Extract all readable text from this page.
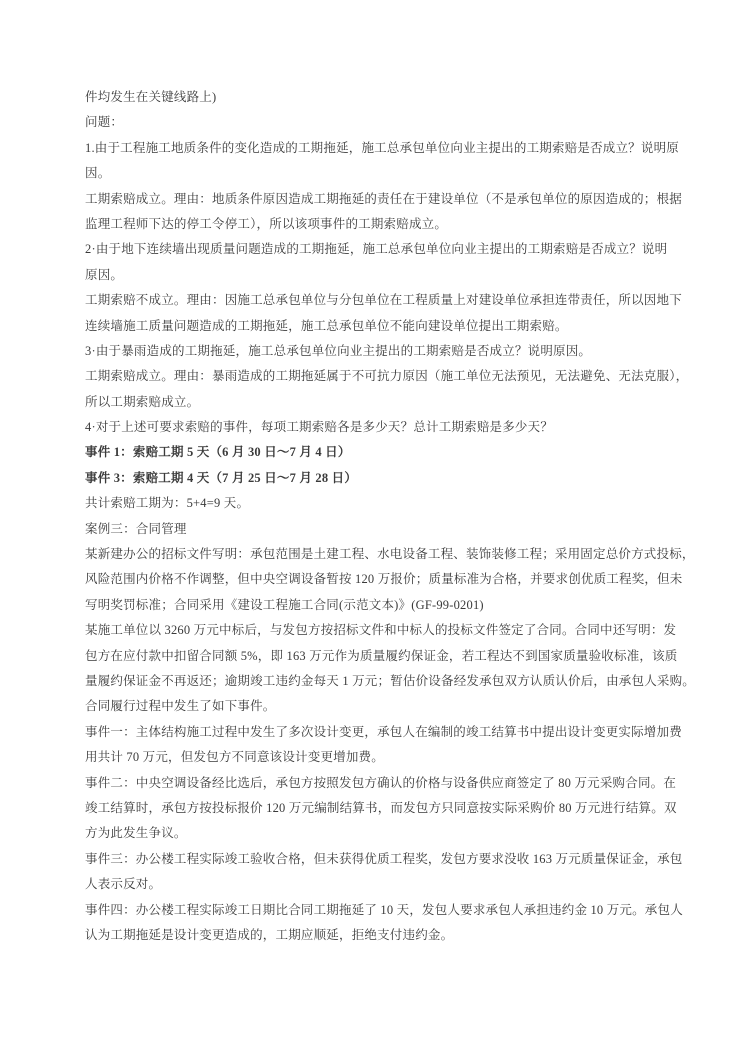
件均发生在关键线路上)
问题：
1.由于工程施工地质条件的变化造成的工期拖延，施工总承包单位向业主提出的工期索赔是否成立？说明原
因。
工期索赔成立。理由：地质条件原因造成工期拖延的责任在于建设单位（不是承包单位的原因造成的；根据
监理工程师下达的停工令停工），所以该项事件的工期索赔成立。
2·由于地下连续墙出现质量问题造成的工期拖延，施工总承包单位向业主提出的工期索赔是否成立？说明
原因。
工期索赔不成立。理由：因施工总承包单位与分包单位在工程质量上对建设单位承担连带责任，所以因地下
连续墙施工质量问题造成的工期拖延，施工总承包单位不能向建设单位提出工期索赔。
3·由于暴雨造成的工期拖延，施工总承包单位向业主提出的工期索赔是否成立？说明原因。
工期索赔成立。理由：暴雨造成的工期拖延属于不可抗力原因（施工单位无法预见，无法避免、无法克服），
所以工期索赔成立。
4·对于上述可要求索赔的事件，每项工期索赔各是多少天？总计工期索赔是多少天？
事件 1：索赔工期 5 天（6 月 30 日～7 月 4 日）
事件 3：索赔工期 4 天（7 月 25 日～7 月 28 日）
共计索赔工期为：5+4=9 天。
案例三：合同管理
某新建办公的招标文件写明：承包范围是土建工程、水电设备工程、装饰装修工程；采用固定总价方式投标，
风险范围内价格不作调整，但中央空调设备暂按 120 万报价；质量标准为合格，并要求创优质工程奖，但未
写明奖罚标准；合同采用《建设工程施工合同(示范文本)》(GF-99-0201)
某施工单位以 3260 万元中标后，与发包方按招标文件和中标人的投标文件签定了合同。合同中还写明：发
包方在应付款中扣留合同额 5%，即 163 万元作为质量履约保证金，若工程达不到国家质量验收标准，该质
量履约保证金不再返还；逾期竣工违约金每天 1 万元；暂估价设备经发承包双方认质认价后，由承包人采购。
合同履行过程中发生了如下事件。
事件一：主体结构施工过程中发生了多次设计变更，承包人在编制的竣工结算书中提出设计变更实际增加费
用共计 70 万元，但发包方不同意该设计变更增加费。
事件二：中央空调设备经比选后，承包方按照发包方确认的价格与设备供应商签定了 80 万元采购合同。在
竣工结算时，承包方按投标报价 120 万元编制结算书，而发包方只同意按实际采购价 80 万元进行结算。双
方为此发生争议。
事件三：办公楼工程实际竣工验收合格，但未获得优质工程奖，发包方要求没收 163 万元质量保证金，承包
人表示反对。
事件四：办公楼工程实际竣工日期比合同工期拖延了 10 天，发包人要求承包人承担违约金 10 万元。承包人
认为工期拖延是设计变更造成的，工期应顺延，拒绝支付违约金。
